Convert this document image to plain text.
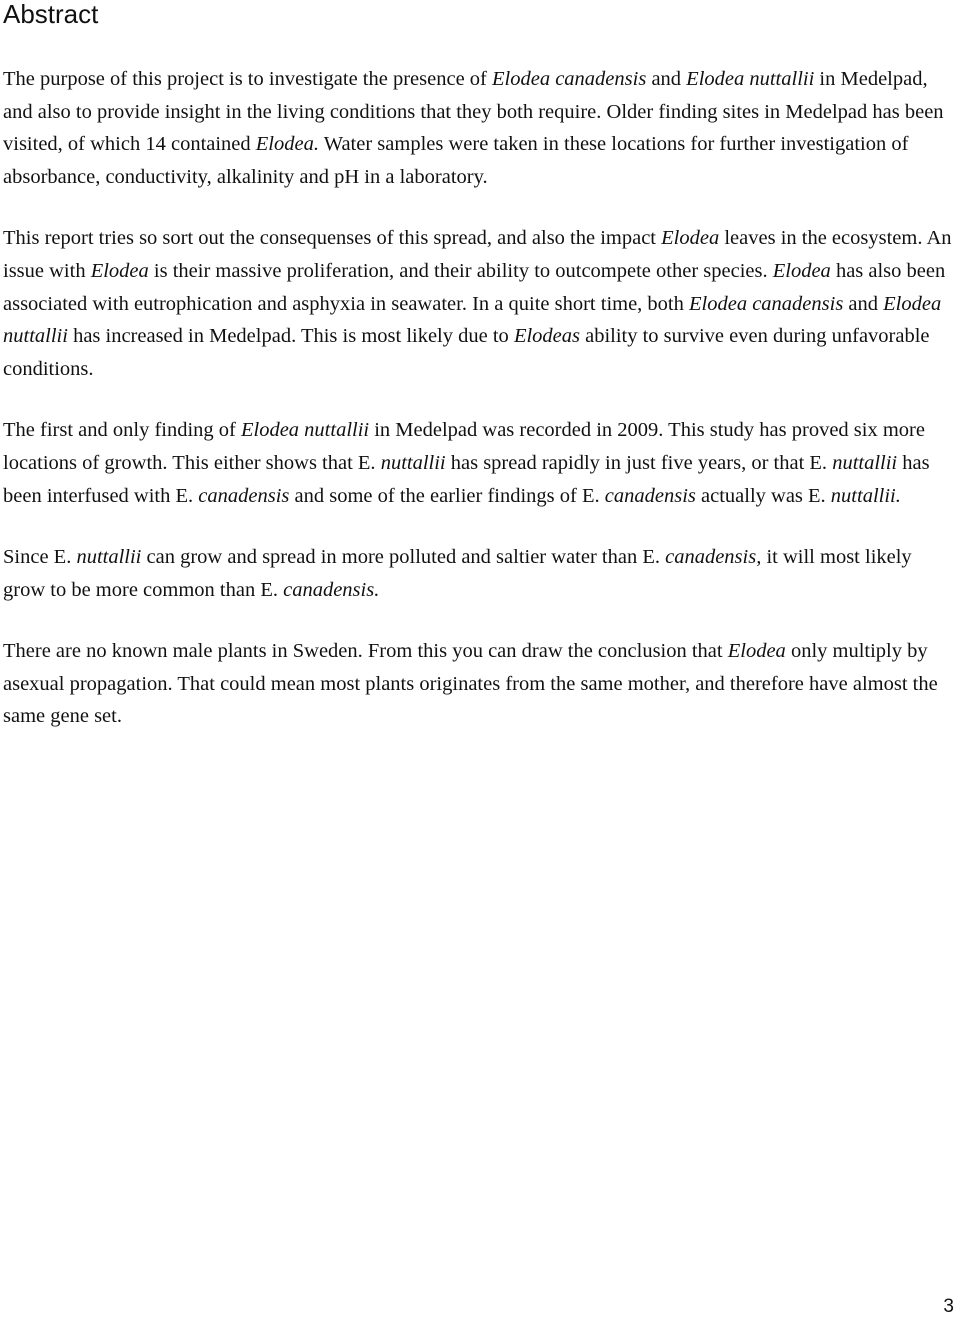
Abstract

The purpose of this project is to investigate the presence of Elodea canadensis and Elodea nuttallii in Medelpad, and also to provide insight in the living conditions that they both require. Older finding sites in Medelpad has been visited, of which 14 contained Elodea. Water samples were taken in these locations for further investigation of absorbance, conductivity, alkalinity and pH in a laboratory.

This report tries so sort out the consequenses of this spread, and also the impact Elodea leaves in the ecosystem. An issue with Elodea is their massive proliferation, and their ability to outcompete other species. Elodea has also been associated with eutrophication and asphyxia in seawater. In a quite short time, both Elodea canadensis and Elodea nuttallii has increased in Medelpad. This is most likely due to Elodeas ability to survive even during unfavorable conditions.

The first and only finding of Elodea nuttallii in Medelpad was recorded in 2009. This study has proved six more locations of growth. This either shows that E. nuttallii has spread rapidly in just five years, or that E. nuttallii has been interfused with E. canadensis and some of the earlier findings of E. canadensis actually was E. nuttallii.

Since E. nuttallii can grow and spread in more polluted and saltier water than E. canadensis, it will most likely grow to be more common than E. canadensis.

There are no known male plants in Sweden. From this you can draw the conclusion that Elodea only multiply by asexual propagation. That could mean most plants originates from the same mother, and therefore have almost the same gene set.

3
